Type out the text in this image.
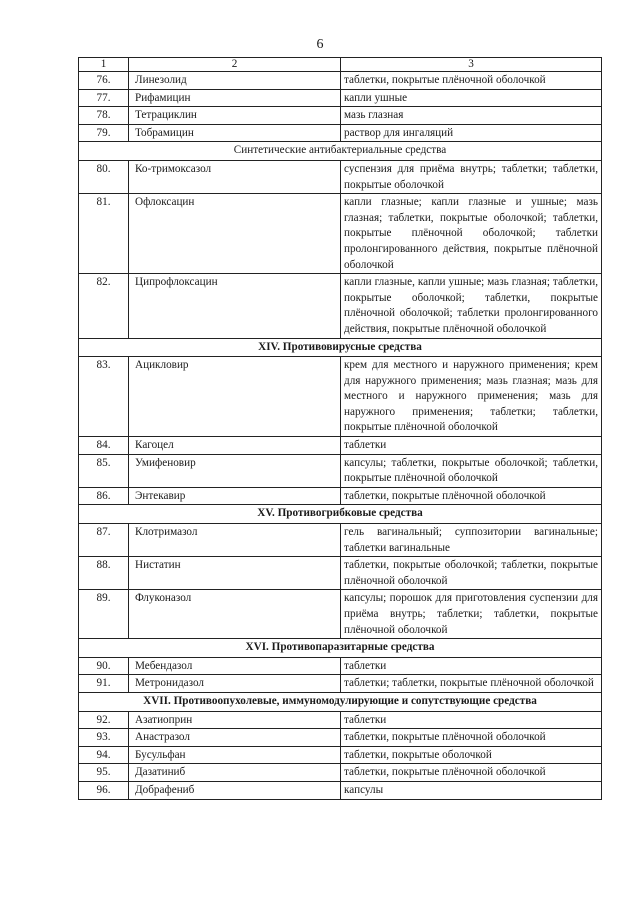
6
1	2	3
76.	Линезолид	таблетки, покрытые плёночной оболочкой
77.	Рифамицин	капли ушные
78.	Тетрациклин	мазь глазная
79.	Тобрамицин	раствор для ингаляций
Синтетические антибактериальные средства		
80.	Ко-тримоксазол	суспензия для приёма внутрь; таблетки; таблетки, покрытые оболочкой
81.	Офлоксацин	капли глазные; капли глазные и ушные; мазь глазная; таблетки, покрытые оболочкой; таблетки, покрытые плёночной оболочкой; таблетки пролонгированного действия, покрытые плёночной оболочкой
82.	Ципрофлоксацин	капли глазные, капли ушные; мазь глазная; таблетки, покрытые оболочкой; таблетки, покрытые плёночной оболочкой; таблетки пролонгированного действия, покрытые плёночной оболочкой
XIV. Противовирусные средства		
83.	Ацикловир	крем для местного и наружного применения; крем для наружного применения; мазь глазная; мазь для местного и наружного применения; мазь для наружного применения; таблетки; таблетки, покрытые плёночной оболочкой
84.	Кагоцел	таблетки
85.	Умифеновир	капсулы; таблетки, покрытые оболочкой; таблетки, покрытые плёночной оболочкой
86.	Энтекавир	таблетки, покрытые плёночной оболочкой
XV. Противогрибковые средства		
87.	Клотримазол	гель вагинальный; суппозитории вагинальные; таблетки вагинальные
88.	Нистатин	таблетки, покрытые оболочкой; таблетки, покрытые плёночной оболочкой
89.	Флуконазол	капсулы; порошок для приготовления суспензии для приёма внутрь; таблетки; таблетки, покрытые плёночной оболочкой
XVI. Противопаразитарные средства		
90.	Мебендазол	таблетки
91.	Метронидазол	таблетки; таблетки, покрытые плёночной оболочкой
XVII. Противоопухолевые, иммуномодулирующие и сопутствующие средства		
92.	Азатиоприн	таблетки
93.	Анастразол	таблетки, покрытые плёночной оболочкой
94.	Бусульфан	таблетки, покрытые оболочкой
95.	Дазатиниб	таблетки, покрытые плёночной оболочкой
96.	Добрафениб	капсулы
